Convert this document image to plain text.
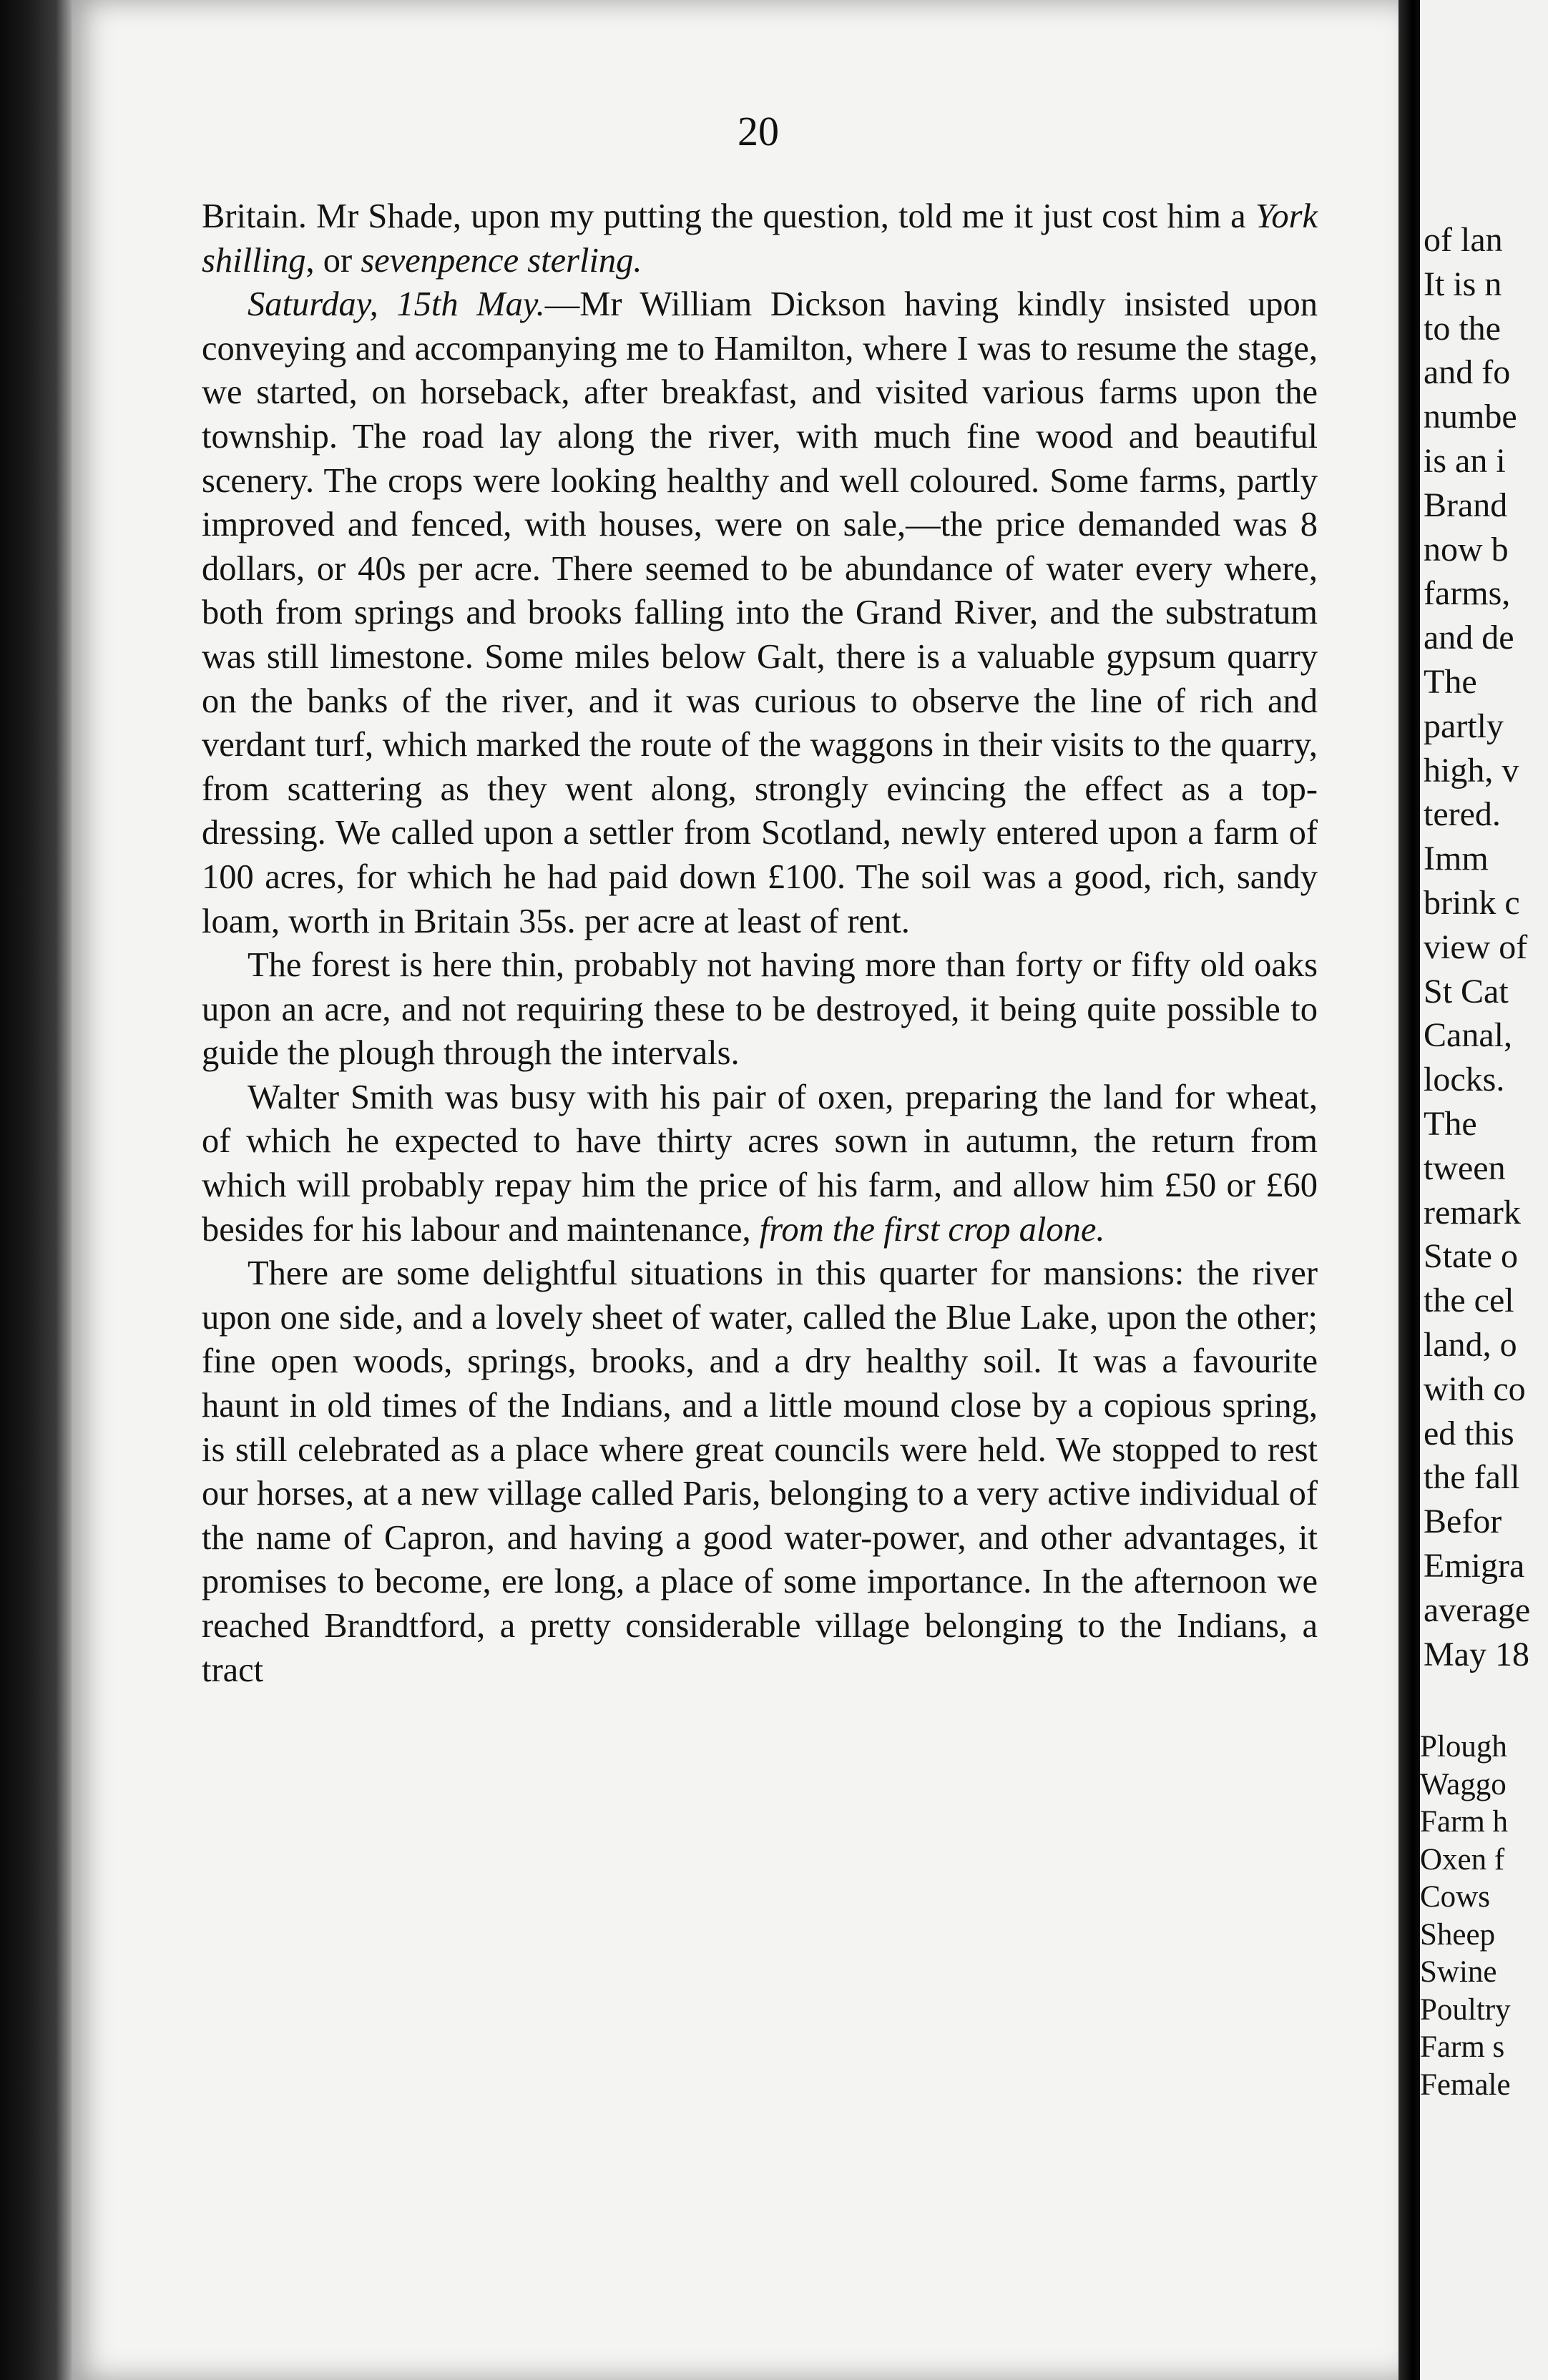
20

Britain. Mr Shade, upon my putting the question, told me it just cost him a York shilling, or sevenpence sterling.

Saturday, 15th May.—Mr William Dickson having kindly insisted upon conveying and accompanying me to Hamilton, where I was to resume the stage, we started, on horseback, after breakfast, and visited various farms upon the township. The road lay along the river, with much fine wood and beautiful scenery. The crops were looking healthy and well coloured. Some farms, partly improved and fenced, with houses, were on sale,—the price demanded was 8 dollars, or 40s per acre. There seemed to be abundance of water every where, both from springs and brooks falling into the Grand River, and the substratum was still limestone. Some miles below Galt, there is a valuable gypsum quarry on the banks of the river, and it was curious to observe the line of rich and verdant turf, which marked the route of the waggons in their visits to the quarry, from scattering as they went along, strongly evincing the effect as a top-dressing. We called upon a settler from Scotland, newly entered upon a farm of 100 acres, for which he had paid down £100. The soil was a good, rich, sandy loam, worth in Britain 35s. per acre at least of rent.

The forest is here thin, probably not having more than forty or fifty old oaks upon an acre, and not requiring these to be destroyed, it being quite possible to guide the plough through the intervals.

Walter Smith was busy with his pair of oxen, preparing the land for wheat, of which he expected to have thirty acres sown in autumn, the return from which will probably repay him the price of his farm, and allow him £50 or £60 besides for his labour and maintenance, from the first crop alone.

There are some delightful situations in this quarter for mansions: the river upon one side, and a lovely sheet of water, called the Blue Lake, upon the other; fine open woods, springs, brooks, and a dry healthy soil. It was a favourite haunt in old times of the Indians, and a little mound close by a copious spring, is still celebrated as a place where great councils were held. We stopped to rest our horses, at a new village called Paris, belonging to a very active individual of the name of Capron, and having a good water-power, and other advantages, it promises to become, ere long, a place of some importance. In the afternoon we reached Brandtford, a pretty considerable village belonging to the Indians, a tract

of lan
It is n
to the
and fo
numbe
is an i
Brand
now b
farms,
and de
The
partly
high, v
tered.
Imm
brink c
view of
St Cat
Canal,
locks.
The
tween
remark
State o
the cel
land, o
with co
ed this
the fall
Befor
Emigra
average
May 18
Plough
Waggo
Farm h
Oxen f
Cows
Sheep
Swine
Poultry
Farm s
Female
